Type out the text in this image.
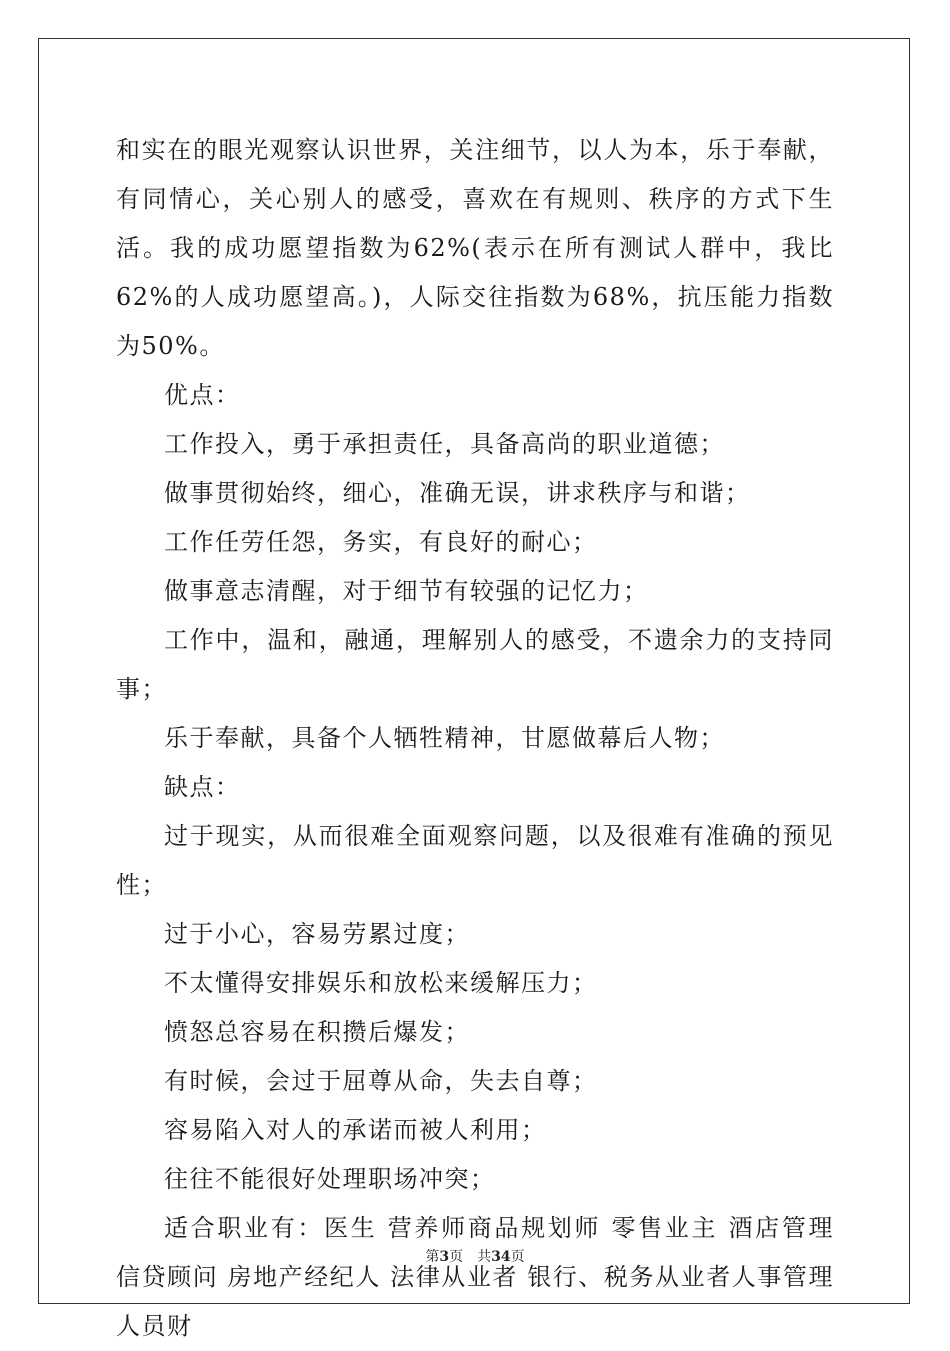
和实在的眼光观察认识世界，关注细节，以人为本，乐于奉献，有同情心，关心别人的感受，喜欢在有规则、秩序的方式下生活。我的成功愿望指数为62%(表示在所有测试人群中，我比62%的人成功愿望高。)，人际交往指数为68%，抗压能力指数为50%。

优点：

工作投入，勇于承担责任，具备高尚的职业道德；

做事贯彻始终，细心，准确无误，讲求秩序与和谐；

工作任劳任怨，务实，有良好的耐心；

做事意志清醒，对于细节有较强的记忆力；

工作中，温和，融通，理解别人的感受，不遗余力的支持同事；

乐于奉献，具备个人牺牲精神，甘愿做幕后人物；

缺点：

过于现实，从而很难全面观察问题，以及很难有准确的预见性；

过于小心，容易劳累过度；

不太懂得安排娱乐和放松来缓解压力；

愤怒总容易在积攒后爆发；

有时候，会过于屈尊从命，失去自尊；

容易陷入对人的承诺而被人利用；

往往不能很好处理职场冲突；

适合职业有：医生 营养师商品规划师 零售业主 酒店管理 信贷顾问 房地产经纪人 法律从业者 银行、税务从业者人事管理人员财

第3页 共34页
